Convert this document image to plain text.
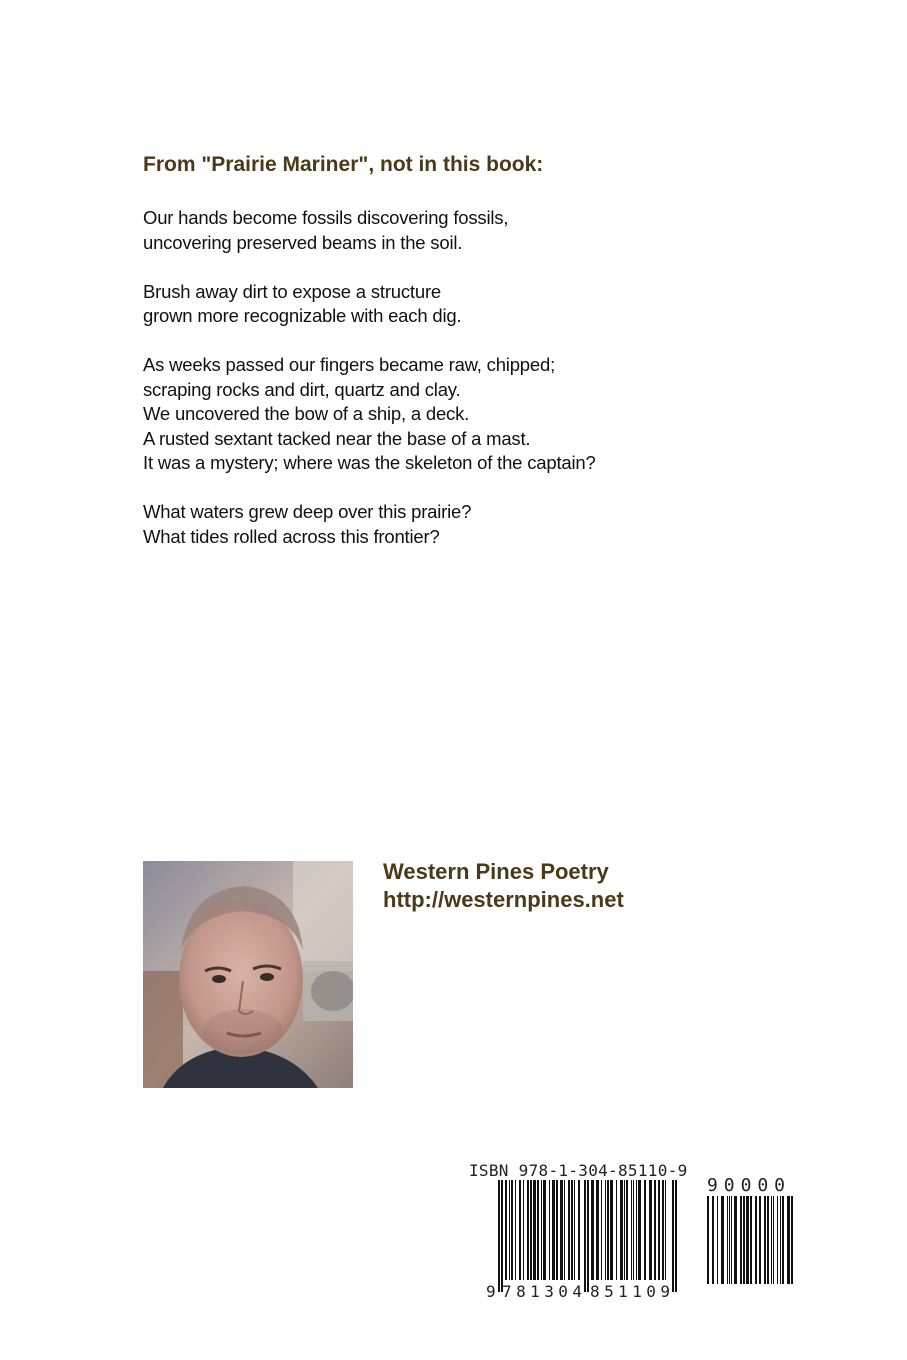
From "Prairie Mariner", not in this book:
Our hands become fossils discovering fossils,
uncovering preserved beams in the soil.
Brush away dirt to expose a structure
grown more recognizable with each dig.
As weeks passed our fingers became raw, chipped;
scraping rocks and dirt, quartz and clay.
We uncovered the bow of a ship, a deck.
A rusted sextant tacked near the base of a mast.
It was a mystery; where was the skeleton of the captain?
What waters grew deep over this prairie?
What tides rolled across this frontier?
Western Pines Poetry
http://westernpines.net
ISBN 978-1-304-85110-9
9 781304 851109
90000
